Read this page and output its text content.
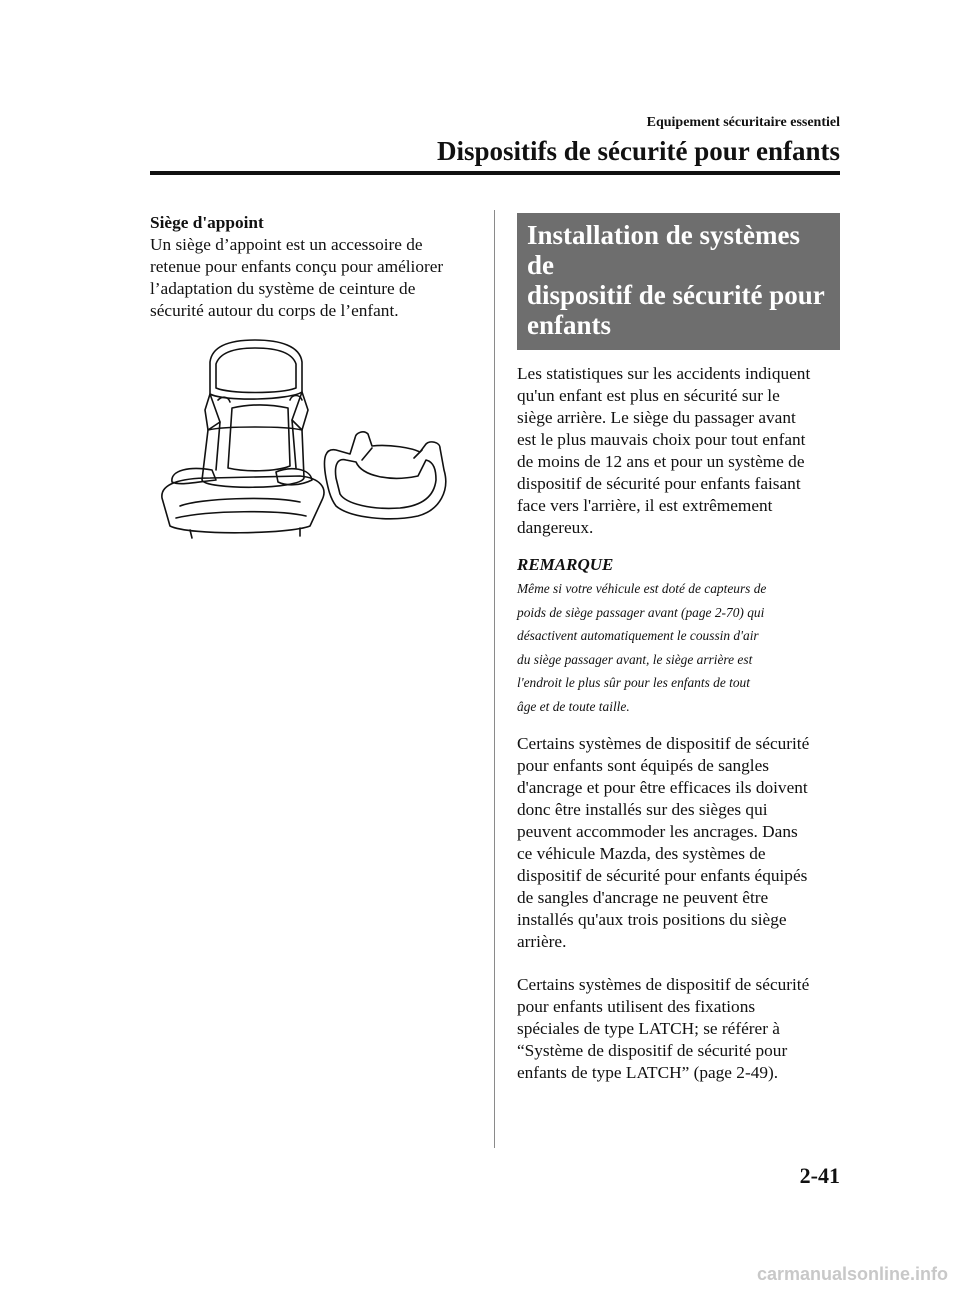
Equipement sécuritaire essentiel
Dispositifs de sécurité pour enfants
Siège d'appoint

Un siège d’appoint est un accessoire de

retenue pour enfants conçu pour améliorer

l’adaptation du système de ceinture de

sécurité autour du corps de l’enfant.

Installation de systèmes de
dispositif de sécurité pour
enfants

Les statistiques sur les accidents indiquent

qu'un enfant est plus en sécurité sur le

siège arrière. Le siège du passager avant

est le plus mauvais choix pour tout enfant

de moins de 12 ans et pour un système de

dispositif de sécurité pour enfants faisant

face vers l'arrière, il est extrêmement

dangereux.

REMARQUE

Même si votre véhicule est doté de capteurs de

poids de siège passager avant (page 2-70) qui

désactivent automatiquement le coussin d'air

du siège passager avant, le siège arrière est

l'endroit le plus sûr pour les enfants de tout

âge et de toute taille.

Certains systèmes de dispositif de sécurité

pour enfants sont équipés de sangles

d'ancrage et pour être efficaces ils doivent

donc être installés sur des sièges qui

peuvent accommoder les ancrages. Dans

ce véhicule Mazda, des systèmes de

dispositif de sécurité pour enfants équipés

de sangles d'ancrage ne peuvent être

installés qu'aux trois positions du siège

arrière.

Certains systèmes de dispositif de sécurité

pour enfants utilisent des fixations

spéciales de type LATCH; se référer à

“Système de dispositif de sécurité pour

enfants de type LATCH” (page 2-49).

2-41
carmanualsonline.info
